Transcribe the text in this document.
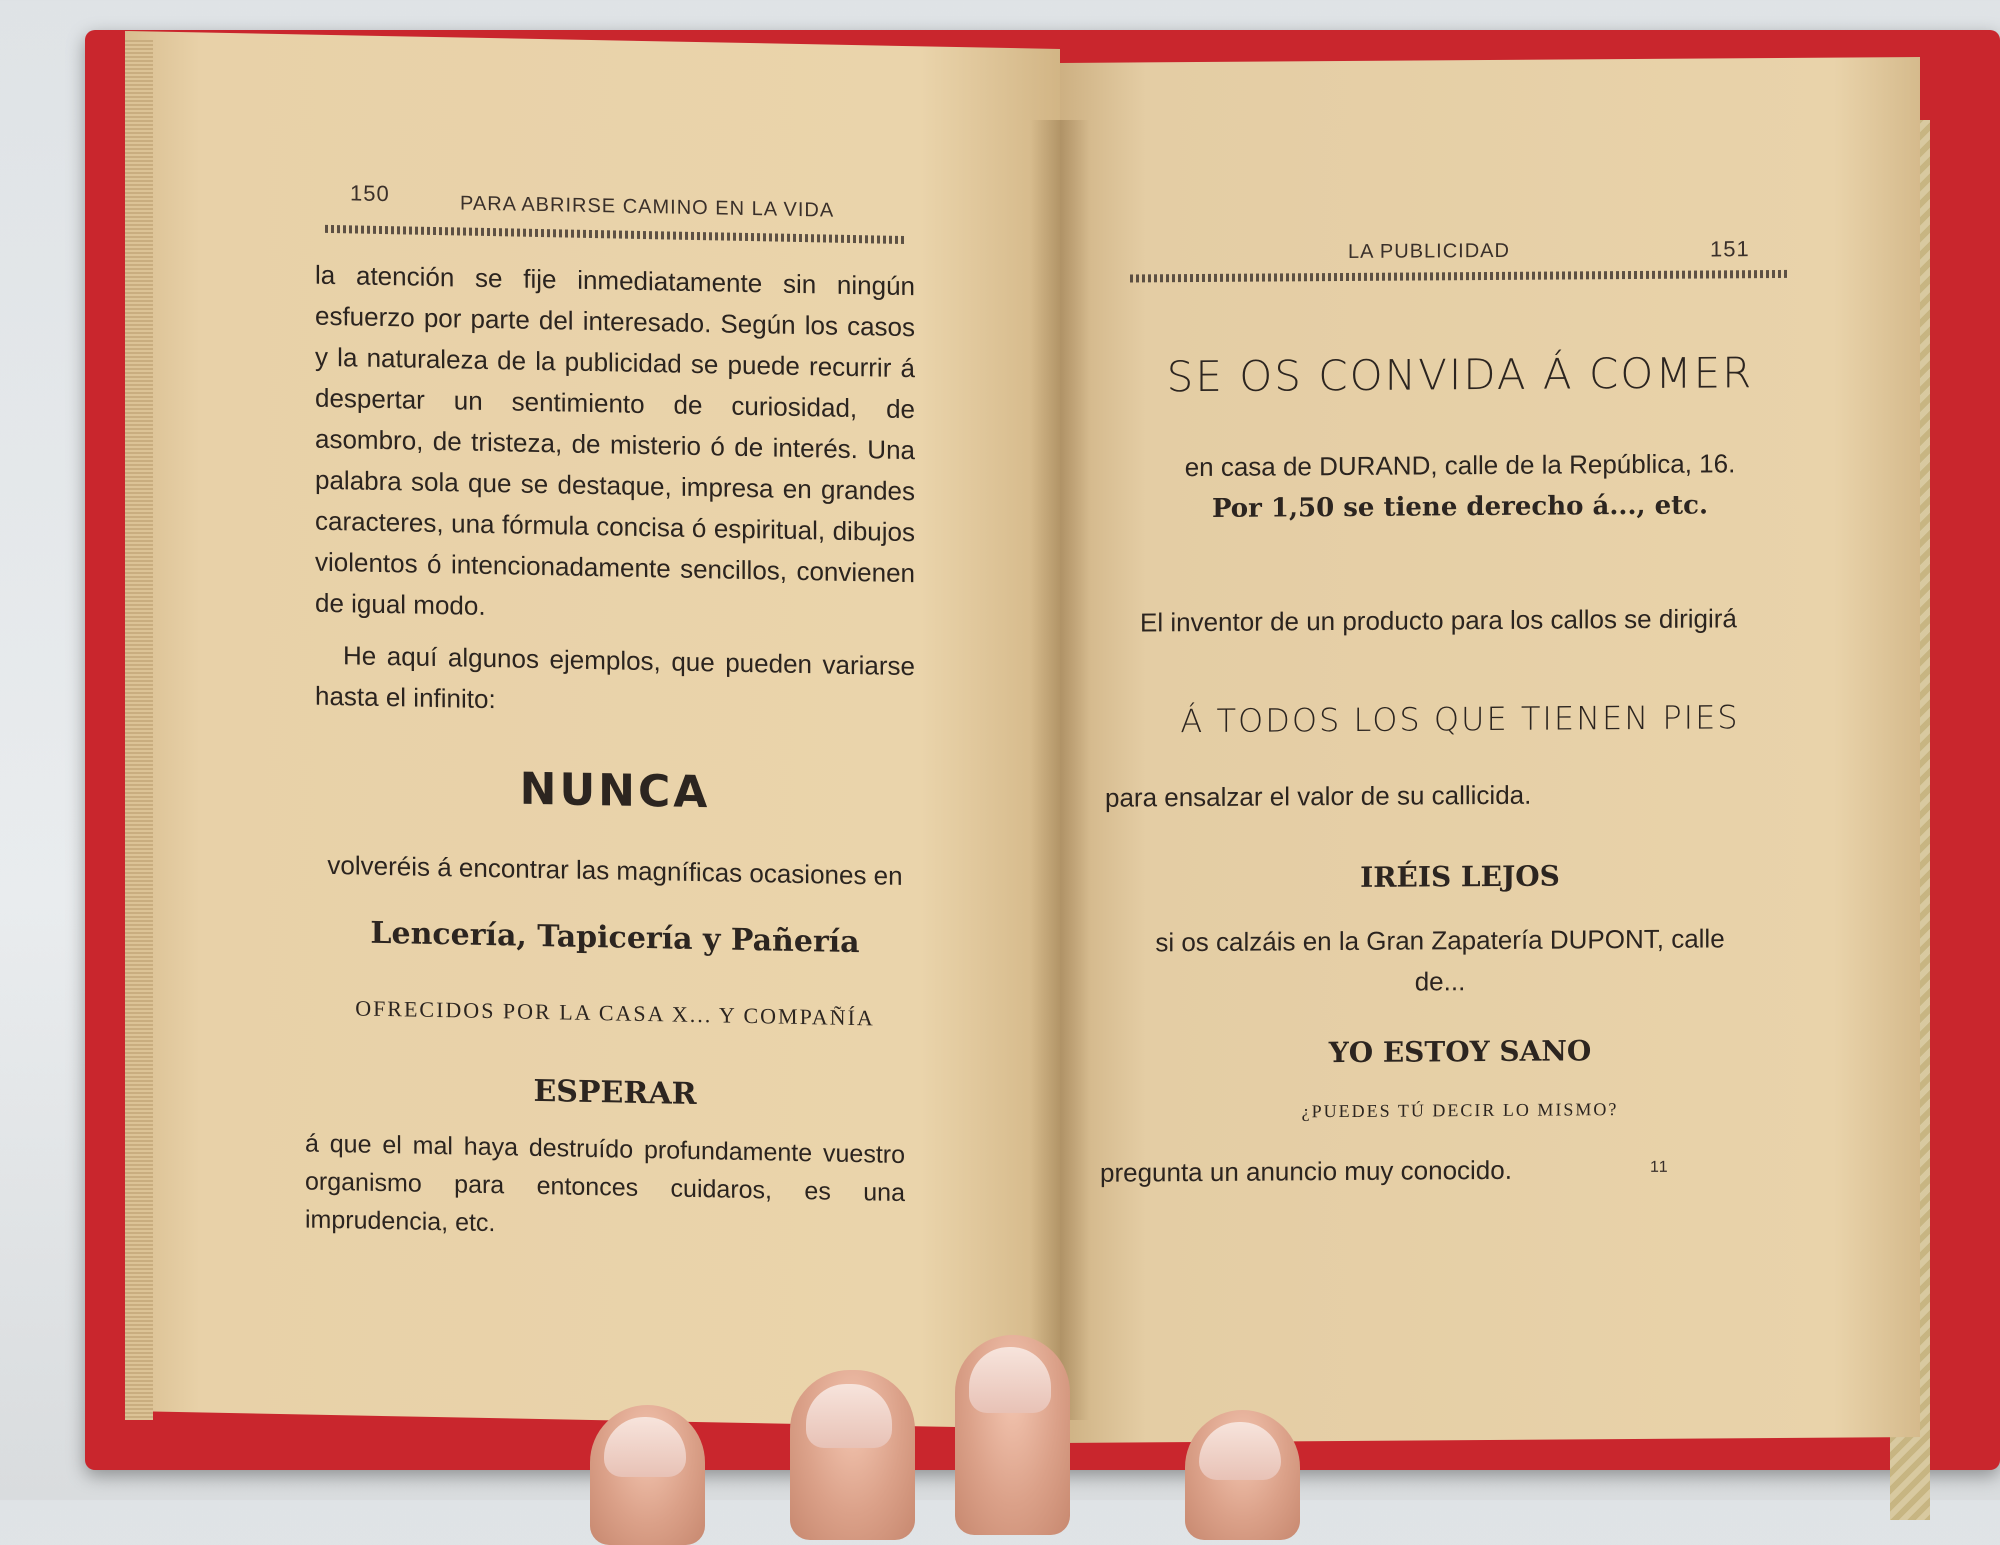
150	PARA ABRIRSE CAMINO EN LA VIDA
la atención se fije inmediatamente sin ningún esfuerzo por parte del interesado. Según los casos y la naturaleza de la publicidad se puede recurrir á despertar un sentimiento de curiosidad, de asombro, de tristeza, de misterio ó de interés. Una palabra sola que se destaque, impresa en grandes caracteres, una fórmula concisa ó espiritual, dibujos violentos ó intencionadamente sencillos, convienen de igual modo.
He aquí algunos ejemplos, que pueden variarse hasta el infinito:
NUNCA
volveréis á encontrar las magníficas ocasiones en
Lencería, Tapicería y Pañería
OFRECIDOS POR LA CASA X... Y COMPAÑÍA
ESPERAR
á que el mal haya destruído profundamente vuestro organismo para entonces cuidaros, es una imprudencia, etc.
LA PUBLICIDAD	151
SE OS CONVIDA Á COMER
en casa de DURAND, calle de la República, 16.
Por 1,50 se tiene derecho á..., etc.
El inventor de un producto para los callos se dirigirá
Á TODOS LOS QUE TIENEN PIES
para ensalzar el valor de su callicida.
IRÉIS LEJOS
si os calzáis en la Gran Zapatería DUPONT, calle de...
YO ESTOY SANO
¿PUEDES TÚ DECIR LO MISMO?
pregunta un anuncio muy conocido.	11
